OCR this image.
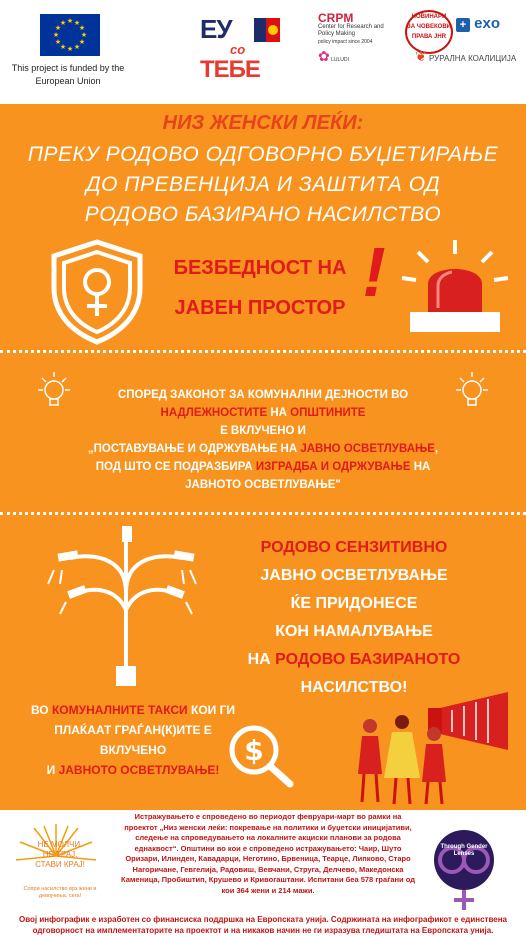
★ ★
★
★
★
★
★
★
★
★
★
★
This project is funded by the European Union
ЕУ
со
ТЕБЕ
CRPM
Center for Research and Policy Making
policy impact since 2004
НОВИНАРИ ЗА ЧОВЕКОВИ ПРАВА JHR
+ exo
✿ LULUDI	❦ РУРАЛНА КОАЛИЦИЈА
НИЗ ЖЕНСКИ ЛЕЌИ:
ПРЕКУ РОДОВО ОДГОВОРНО БУЏЕТИРАЊЕ
ДО ПРЕВЕНЦИЈА И ЗАШТИТА ОД
РОДОВО БАЗИРАНО НАСИЛСТВО
БЕЗБЕДНОСТ НА
ЈАВЕН ПРОСТОР !
СПОРЕД ЗАКОНОТ ЗА КОМУНАЛНИ ДЕЈНОСТИ ВО
НАДЛЕЖНОСТИТЕ НА ОПШТИНИТЕ
Е ВКЛУЧЕНО И
„ПОСТАВУВАЊЕ И ОДРЖУВАЊЕ НА ЈАВНО ОСВЕТЛУВАЊЕ,
ПОД ШТО СЕ ПОДРАЗБИРА ИЗГРАДБА И ОДРЖУВАЊЕ НА
ЈАВНОТО ОСВЕТЛУВАЊЕ"
РОДОВО СЕНЗИТИВНО
ЈАВНО ОСВЕТЛУВАЊЕ
ЌЕ ПРИДОНЕСЕ
КОН НАМАЛУВАЊЕ
НА РОДОВО БАЗИРАНОТО
НАСИЛСТВО!
ВО КОМУНАЛНИТЕ ТАКСИ КОИ ГИ
ПЛАЌААТ ГРАЃАН(К)ИТЕ Е
ВКЛУЧЕНО
И ЈАВНОТО ОСВЕТЛУВАЊЕ!
$
НЕ МОЛЧИ.
НЕ ТРАЈ.
СТАВИ КРАЈ!
Сопри насилство врз жени и девојчиња, сега!
Истражувањето е спроведено во периодот февруари-март во рамки на проектот „Низ женски леќи: покревање на политики и буџетски иницијативи, следење на спроведувањето на локалните акциски планови за родова еднаквост“. Општини во кои е спроведено истражувањето: Чаир, Шуто Оризари, Илинден, Кавадарци, Неготино, Брвеница, Теарце, Липково, Старо Нагоричане, Гевгелија, Радовиш, Вевчани, Струга, Делчево, Македонска Каменица, Пробиштип, Крушево и Кривогаштани. Испитани беа 578 граѓани од кои 364 жени и 214 мажи.
Through Gender Lenses
Овој инфографик е изработен со финансиска поддршка на Европската унија. Содржината на инфографикот е единствена одговорност на имплементаторите на проектот и на никаков начин не ги изразува гледиштата на Европската унија.
